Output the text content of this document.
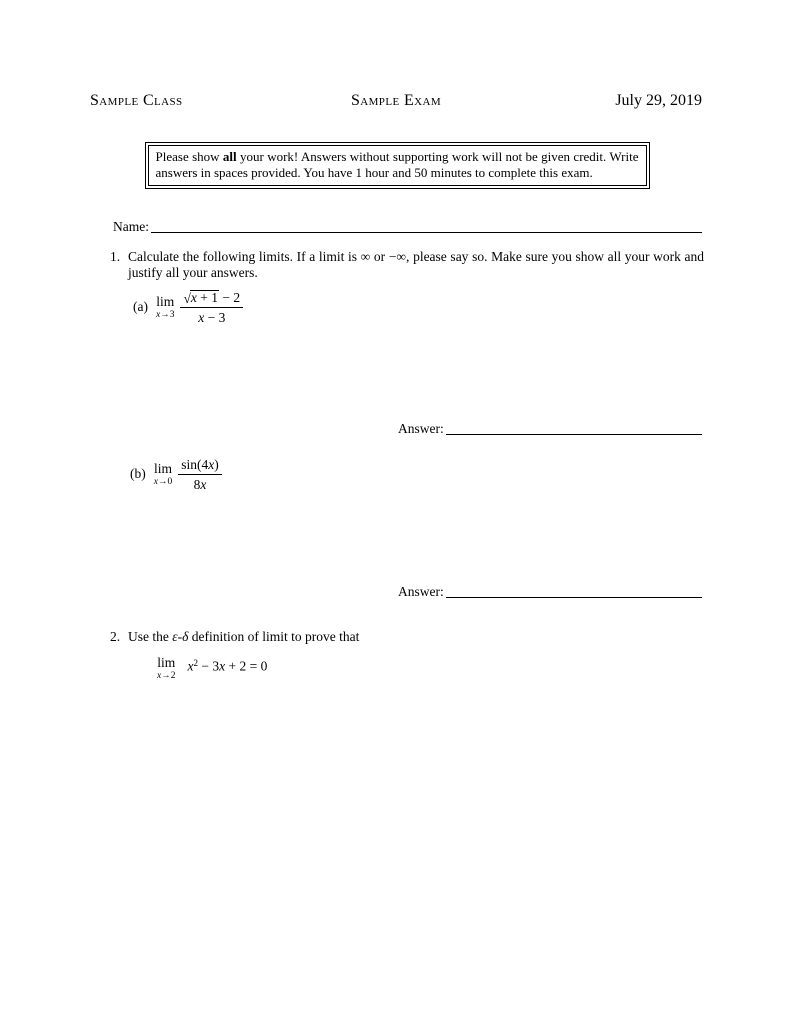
Sample Class	Sample Exam	July 29, 2019
Please show all your work! Answers without supporting work will not be given credit. Write answers in spaces provided. You have 1 hour and 50 minutes to complete this exam.
Name:
1. Calculate the following limits. If a limit is ∞ or −∞, please say so. Make sure you show all your work and justify all your answers.
(a) lim
$x\to 3 \frac{√x + 1 - 2}{x - 3}$
Answer:
(b) lim
$x\to 0 \frac{\sin(4x)}{8x}$
Answer:
2. Use the ε-δ definition of limit to prove that
lim
x→2
$x^2 - 3x + 2 = 0$
